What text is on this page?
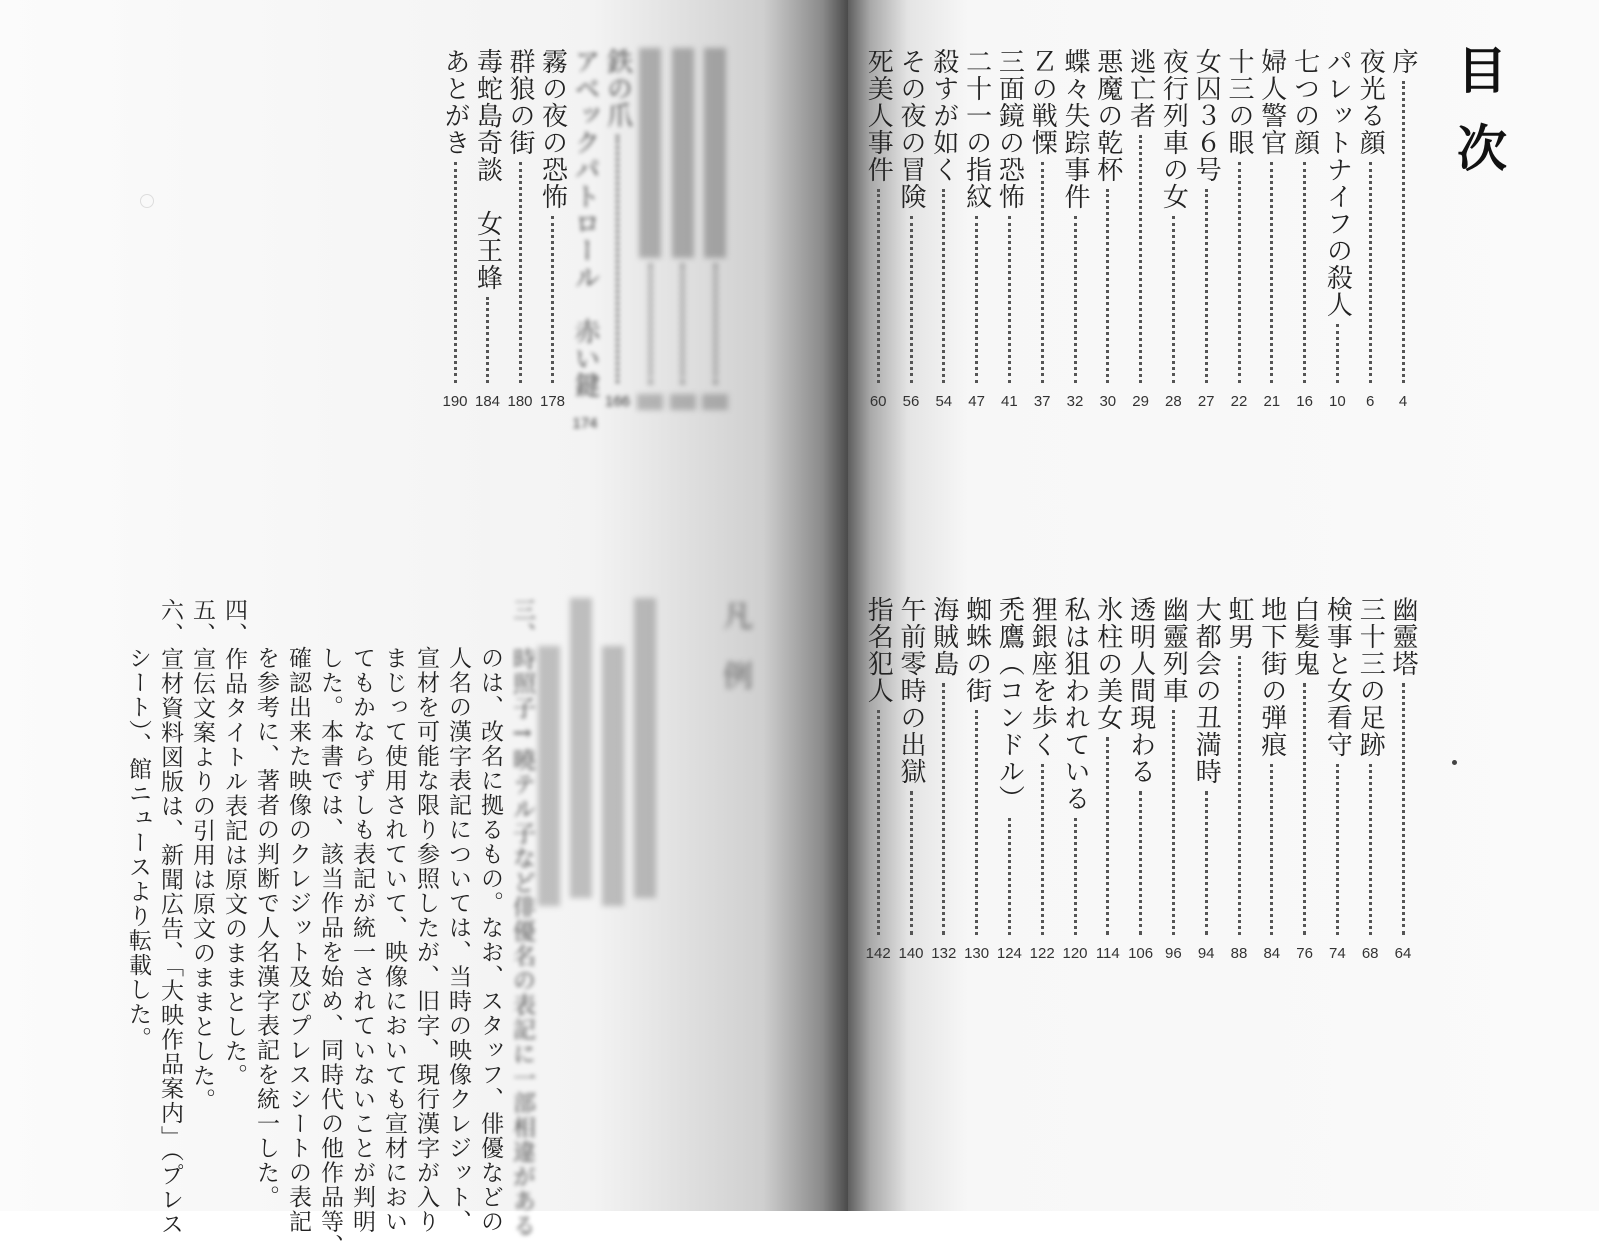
目次
序
4
夜光る顔
6
パレットナイフの殺人
10
七つの顔
16
婦人警官
21
十三の眼
22
女囚３６号
27
夜行列車の女
28
逃亡者
29
悪魔の乾杯
30
蝶々失踪事件
32
Ｚの戦慄
37
三面鏡の恐怖
41
二十一の指紋
47
殺すが如く
54
その夜の冒険
56
死美人事件
60
幽靈塔
64
三十三の足跡
68
検事と女看守
74
白髪鬼
76
地下街の弾痕
84
虹男
88
大都会の丑満時
94
幽靈列車
96
透明人間現わる
106
氷柱の美女
114
私は狙われている
120
狸銀座を歩く
122
禿鷹（コンドル）
124
蜘蛛の街
130
海賊島
132
午前零時の出獄
140
指名犯人
142
鉄の爪
166
アベックパトロール　赤い鍵
174
霧の夜の恐怖
178
群狼の街
180
毒蛇島奇談　女王蜂
184
あとがき
190
凡例
三、時照子→曉テル子など俳優名の表記に一部相違がある
のは、改名に拠るもの。なお、スタッフ、俳優などの
人名の漢字表記については、当時の映像クレジット、
宣材を可能な限り参照したが、旧字、現行漢字が入り
まじって使用されていて、映像においても宣材におい
てもかならずしも表記が統一されていないことが判明
した。本書では、該当作品を始め、同時代の他作品等、
確認出来た映像のクレジット及びプレスシートの表記
を参考に、著者の判断で人名漢字表記を統一した。
四、作品タイトル表記は原文のままとした。
五、宣伝文案よりの引用は原文のままとした。
六、宣材資料図版は、新聞広告、「大映作品案内」（プレス
シート）、館ニュースより転載した。
